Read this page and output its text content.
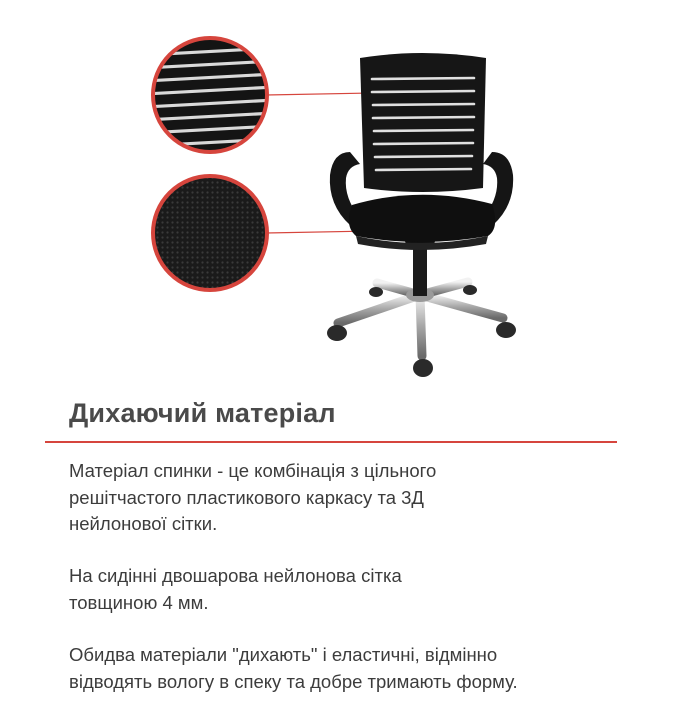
Дихаючий матеріал

Матеріал спинки - це комбінація з цільного
решітчастого пластикового каркасу та 3Д
нейлонової сітки.

На сидінні двошарова нейлонова сітка
товщиною 4 мм.

Обидва матеріали "дихають" і еластичні, відмінно
відводять вологу в спеку та добре тримають форму.
